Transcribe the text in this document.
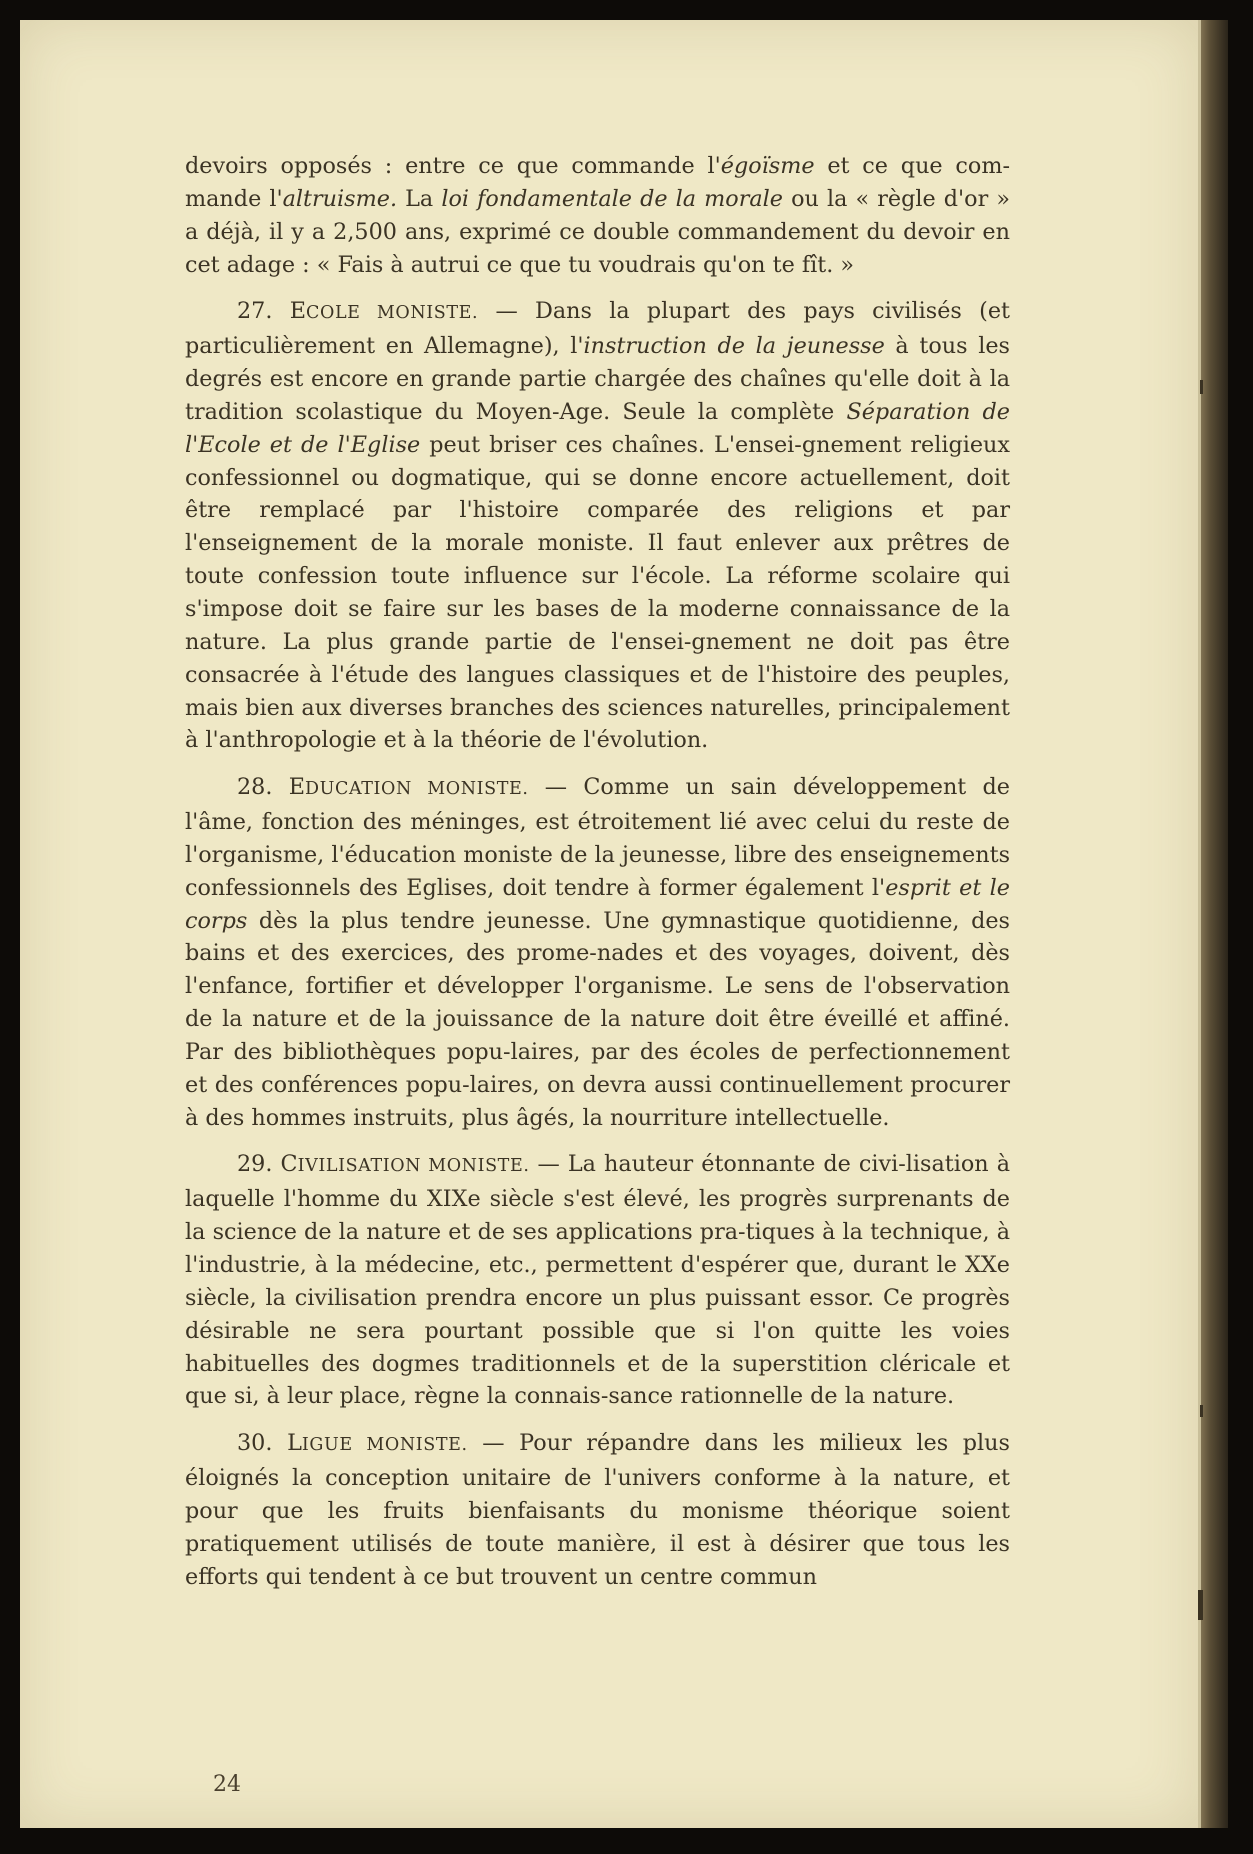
devoirs opposés : entre ce que commande l'égoïsme et ce que com-mande l'altruisme. La loi fondamentale de la morale ou la « règle d'or » a déjà, il y a 2,500 ans, exprimé ce double commandement du devoir en cet adage : « Fais à autrui ce que tu voudrais qu'on te fît. »

27. ECOLE MONISTE. — Dans la plupart des pays civilisés (et particulièrement en Allemagne), l'instruction de la jeunesse à tous les degrés est encore en grande partie chargée des chaînes qu'elle doit à la tradition scolastique du Moyen-Age. Seule la complète Séparation de l'Ecole et de l'Eglise peut briser ces chaînes. L'ensei-gnement religieux confessionnel ou dogmatique, qui se donne encore actuellement, doit être remplacé par l'histoire comparée des religions et par l'enseignement de la morale moniste. Il faut enlever aux prêtres de toute confession toute influence sur l'école. La réforme scolaire qui s'impose doit se faire sur les bases de la moderne connaissance de la nature. La plus grande partie de l'ensei-gnement ne doit pas être consacrée à l'étude des langues classiques et de l'histoire des peuples, mais bien aux diverses branches des sciences naturelles, principalement à l'anthropologie et à la théorie de l'évolution.

28. EDUCATION MONISTE. — Comme un sain développement de l'âme, fonction des méninges, est étroitement lié avec celui du reste de l'organisme, l'éducation moniste de la jeunesse, libre des enseignements confessionnels des Eglises, doit tendre à former également l'esprit et le corps dès la plus tendre jeunesse. Une gymnastique quotidienne, des bains et des exercices, des prome-nades et des voyages, doivent, dès l'enfance, fortifier et développer l'organisme. Le sens de l'observation de la nature et de la jouissance de la nature doit être éveillé et affiné. Par des bibliothèques popu-laires, par des écoles de perfectionnement et des conférences popu-laires, on devra aussi continuellement procurer à des hommes instruits, plus âgés, la nourriture intellectuelle.

29. CIVILISATION MONISTE. — La hauteur étonnante de civi-lisation à laquelle l'homme du XIXe siècle s'est élevé, les progrès surprenants de la science de la nature et de ses applications pra-tiques à la technique, à l'industrie, à la médecine, etc., permettent d'espérer que, durant le XXe siècle, la civilisation prendra encore un plus puissant essor. Ce progrès désirable ne sera pourtant possible que si l'on quitte les voies habituelles des dogmes traditionnels et de la superstition cléricale et que si, à leur place, règne la connais-sance rationnelle de la nature.

30. LIGUE MONISTE. — Pour répandre dans les milieux les plus éloignés la conception unitaire de l'univers conforme à la nature, et pour que les fruits bienfaisants du monisme théorique soient pratiquement utilisés de toute manière, il est à désirer que tous les efforts qui tendent à ce but trouvent un centre commun

24
